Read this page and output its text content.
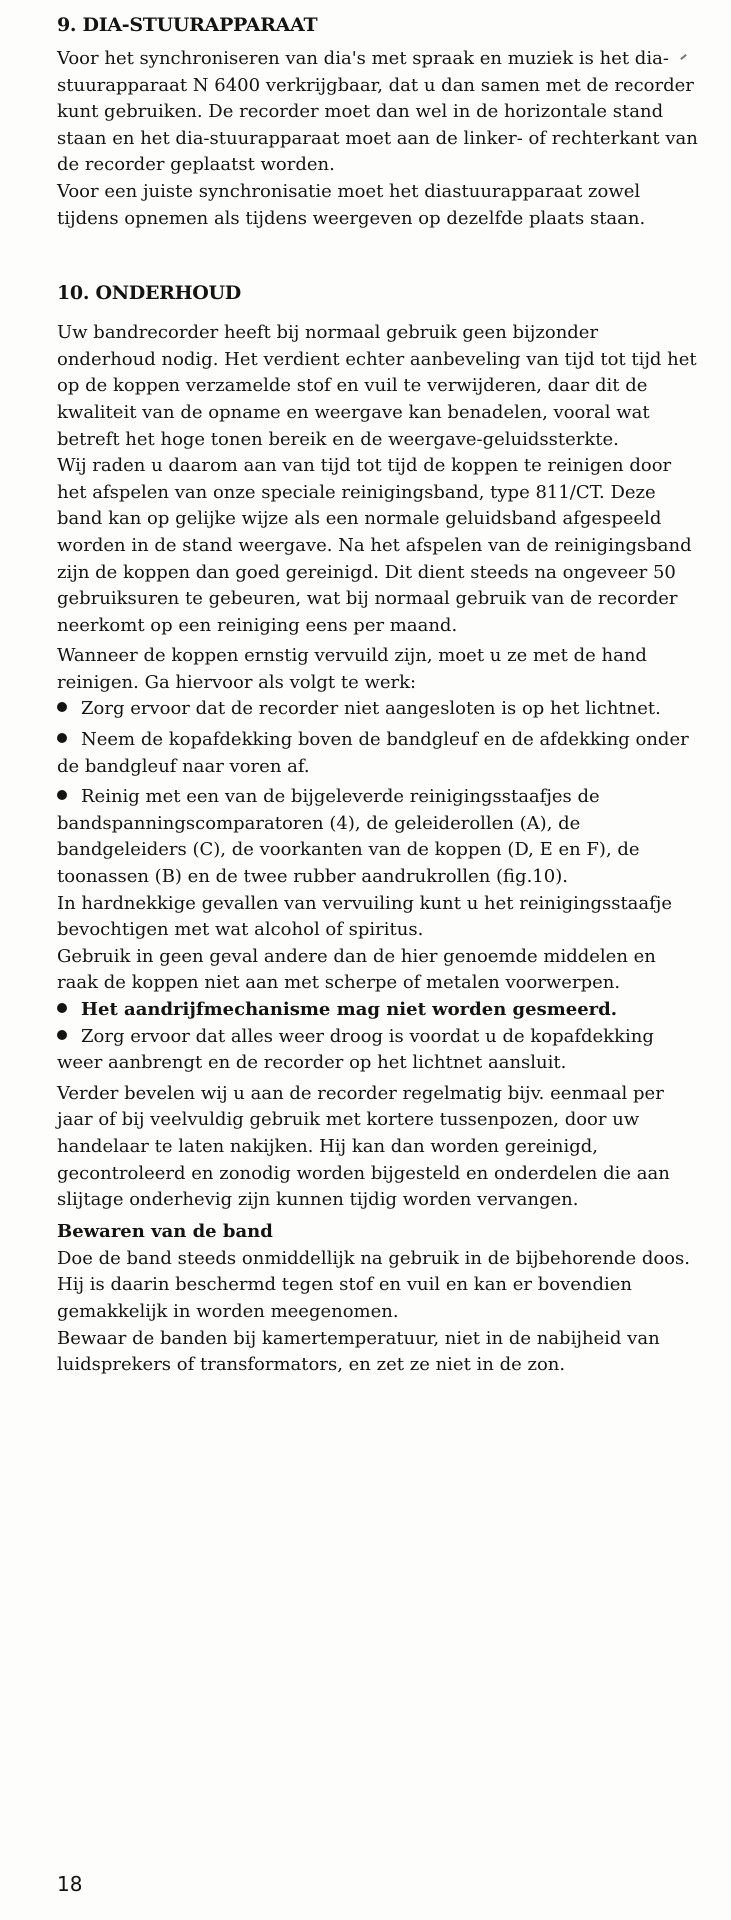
9. DIA-STUURAPPARAAT

Voor het synchroniseren van dia's met spraak en muziek is het dia-stuurapparaat N 6400 verkrijgbaar, dat u dan samen met de recorder kunt gebruiken. De recorder moet dan wel in de horizontale stand staan en het dia-stuurapparaat moet aan de linker- of rechterkant van de recorder geplaatst worden.

Voor een juiste synchronisatie moet het diastuurapparaat zowel tijdens opnemen als tijdens weergeven op dezelfde plaats staan.

10. ONDERHOUD

Uw bandrecorder heeft bij normaal gebruik geen bijzonder onderhoud nodig. Het verdient echter aanbeveling van tijd tot tijd het op de koppen verzamelde stof en vuil te verwijderen, daar dit de kwaliteit van de opname en weergave kan benadelen, vooral wat betreft het hoge tonen bereik en de weergave-geluidssterkte.

Wij raden u daarom aan van tijd tot tijd de koppen te reinigen door het afspelen van onze speciale reinigingsband, type 811/CT. Deze band kan op gelijke wijze als een normale geluidsband afgespeeld worden in de stand weergave. Na het afspelen van de reinigingsband zijn de koppen dan goed gereinigd. Dit dient steeds na ongeveer 50 gebruiksuren te gebeuren, wat bij normaal gebruik van de recorder neerkomt op een reiniging eens per maand.

Wanneer de koppen ernstig vervuild zijn, moet u ze met de hand reinigen. Ga hiervoor als volgt te werk:

Zorg ervoor dat de recorder niet aangesloten is op het lichtnet.

Neem de kopafdekking boven de bandgleuf en de afdekking onder de bandgleuf naar voren af.

Reinig met een van de bijgeleverde reinigingsstaafjes de bandspanningscomparatoren (4), de geleiderollen (A), de bandgeleiders (C), de voorkanten van de koppen (D, E en F), de toonassen (B) en de twee rubber aandrukrollen (fig.10).

In hardnekkige gevallen van vervuiling kunt u het reinigingsstaafje bevochtigen met wat alcohol of spiritus.

Gebruik in geen geval andere dan de hier genoemde middelen en raak de koppen niet aan met scherpe of metalen voorwerpen.

Het aandrijfmechanisme mag niet worden gesmeerd.

Zorg ervoor dat alles weer droog is voordat u de kopafdekking weer aanbrengt en de recorder op het lichtnet aansluit.

Verder bevelen wij u aan de recorder regelmatig bijv. eenmaal per jaar of bij veelvuldig gebruik met kortere tussenpozen, door uw handelaar te laten nakijken. Hij kan dan worden gereinigd, gecontroleerd en zonodig worden bijgesteld en onderdelen die aan slijtage onderhevig zijn kunnen tijdig worden vervangen.

Bewaren van de band

Doe de band steeds onmiddellijk na gebruik in de bijbehorende doos. Hij is daarin beschermd tegen stof en vuil en kan er bovendien gemakkelijk in worden meegenomen.

Bewaar de banden bij kamertemperatuur, niet in de nabijheid van luidsprekers of transformators, en zet ze niet in de zon.

18
